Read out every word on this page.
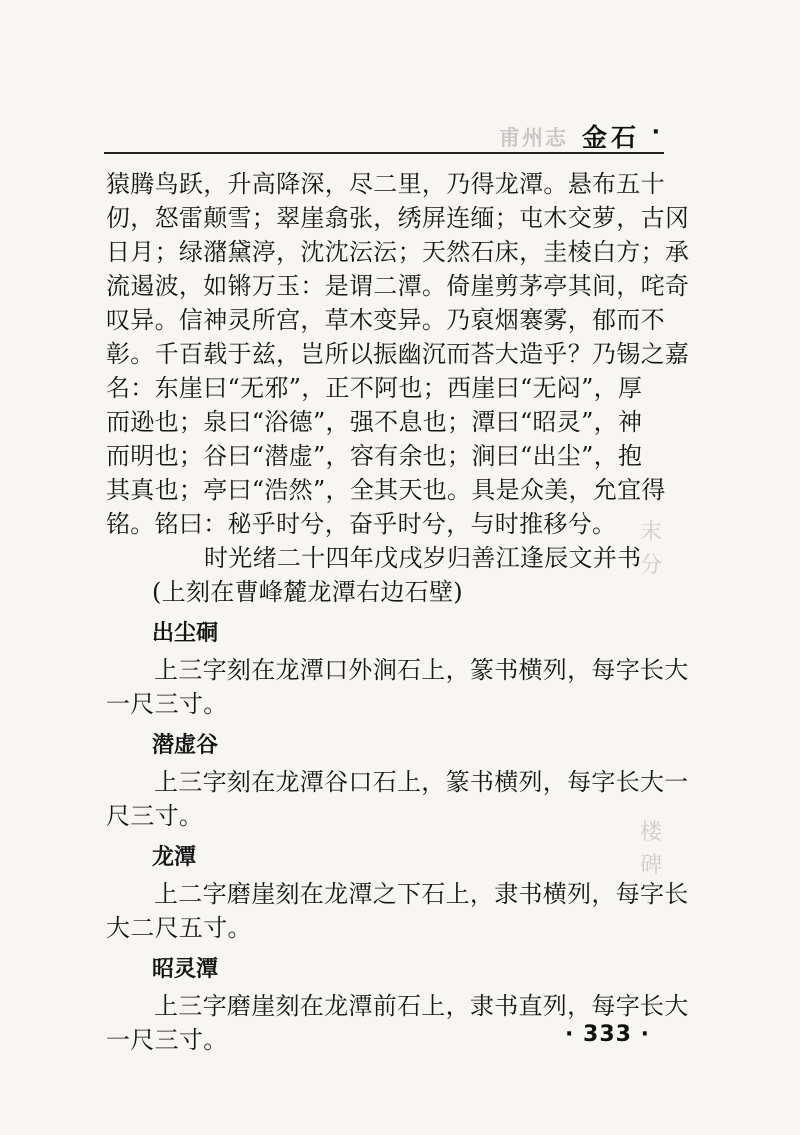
甫州志 金石 ·
末
分
楼
碑
猿腾鸟跃，升高降深，尽二里，乃得龙潭。悬布五十
仞，怒雷颠雪；翠崖翕张，绣屏连缅；屯木交萝，古冈
日月；绿潴黛渟，沈沈沄沄；天然石床，圭棱白方；承
流遏波，如锵万玉：是谓二潭。倚崖剪茅亭其间，咤奇
叹异。信神灵所宫，草木变异。乃裒烟褰雾，郁而不
彰。千百载于兹，岂所以振幽沉而荅大造乎？乃锡之嘉
名：东崖曰“无邪”，正不阿也；西崖曰“无闷”，厚
而逊也；泉曰“浴德”，强不息也；潭曰“昭灵”，神
而明也；谷曰“潜虚”，容有余也；涧曰“出尘”，抱
其真也；亭曰“浩然”，全其天也。具是众美，允宜得
铭。铭曰：秘乎时兮，奋乎时兮，与时推移兮。
时光绪二十四年戊戌岁归善江逢辰文并书
(上刻在曹峰麓龙潭右边石壁)
出尘硐
上三字刻在龙潭口外涧石上，篆书横列，每字长大
一尺三寸。
潜虚谷
上三字刻在龙潭谷口石上，篆书横列，每字长大一
尺三寸。
龙潭
上二字磨崖刻在龙潭之下石上，隶书横列，每字长
大二尺五寸。
昭灵潭
上三字磨崖刻在龙潭前石上，隶书直列，每字长大
一尺三寸。	· 333 ·
